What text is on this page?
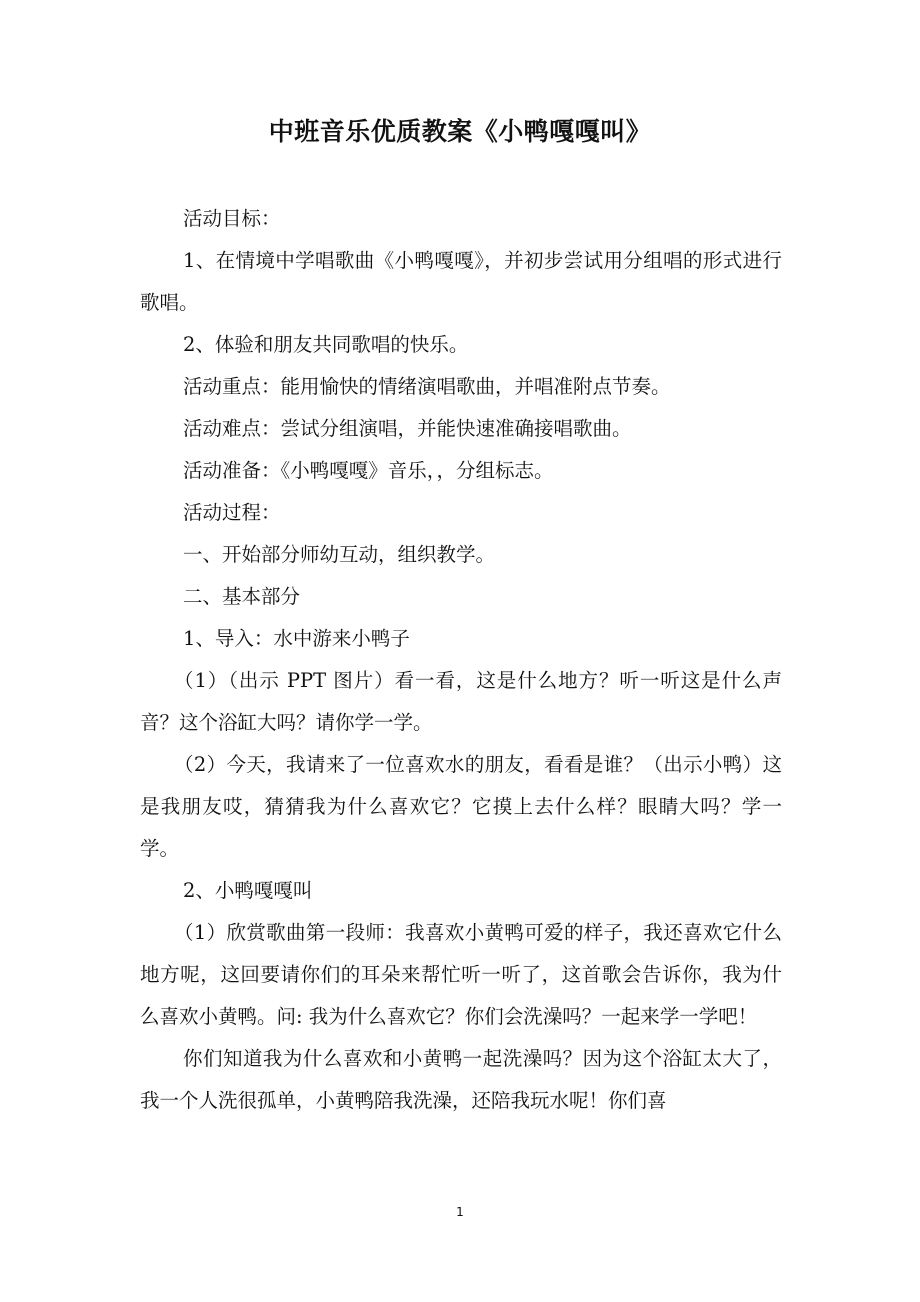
中班音乐优质教案《小鸭嘎嘎叫》

活动目标：

1、在情境中学唱歌曲《小鸭嘎嘎》，并初步尝试用分组唱的形式进行歌唱。

2、体验和朋友共同歌唱的快乐。

活动重点：能用愉快的情绪演唱歌曲，并唱准附点节奏。

活动难点：尝试分组演唱，并能快速准确接唱歌曲。

活动准备：《小鸭嘎嘎》音乐，，分组标志。

活动过程：

一、开始部分师幼互动，组织教学。

二、基本部分

1、导入：水中游来小鸭子

（1）（出示 PPT 图片）看一看，这是什么地方？听一听这是什么声音？这个浴缸大吗？请你学一学。

（2）今天，我请来了一位喜欢水的朋友，看看是谁？（出示小鸭）这是我朋友哎，猜猜我为什么喜欢它？它摸上去什么样？眼睛大吗？学一学。

2、小鸭嘎嘎叫

（1）欣赏歌曲第一段师：我喜欢小黄鸭可爱的样子，我还喜欢它什么地方呢，这回要请你们的耳朵来帮忙听一听了，这首歌会告诉你，我为什么喜欢小黄鸭。问: 我为什么喜欢它？你们会洗澡吗？一起来学一学吧！

你们知道我为什么喜欢和小黄鸭一起洗澡吗？因为这个浴缸太大了，我一个人洗很孤单，小黄鸭陪我洗澡，还陪我玩水呢！你们喜

1
